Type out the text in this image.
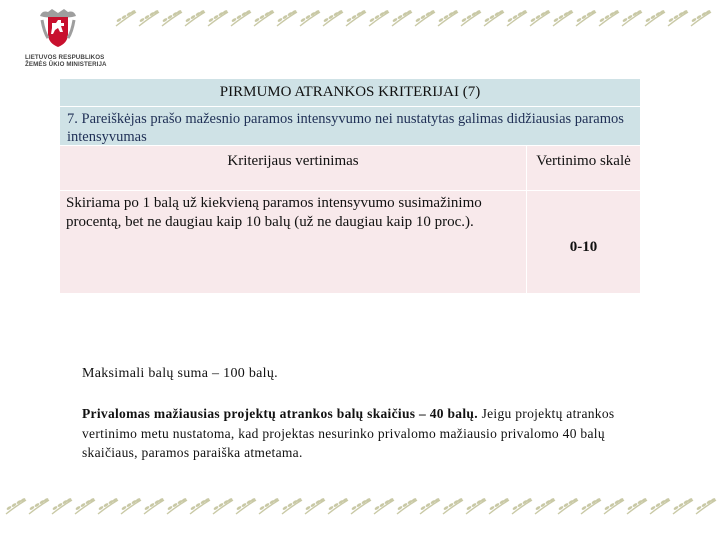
LIETUVOS RESPUBLIKOS
ŽEMĖS ŪKIO MINISTERIJA
PIRMUMO ATRANKOS KRITERIJAI (7)
7. Pareiškėjas prašo mažesnio paramos intensyvumo nei nustatytas galimas didžiausias paramos intensyvumas
Kriterijaus vertinimas
Skiriama po 1 balą už kiekvieną paramos intensyvumo susimažinimo procentą, bet ne daugiau kaip 10 balų (už ne daugiau kaip 10 proc.).
Vertinimo skalė
0-10
Maksimali balų suma – 100 balų.
Privalomas mažiausias projektų atrankos balų skaičius – 40 balų. Jeigu projektų atrankos vertinimo metu nustatoma, kad projektas nesurinko privalomo mažiausio privalomo 40 balų skaičiaus, paramos paraiška atmetama.
